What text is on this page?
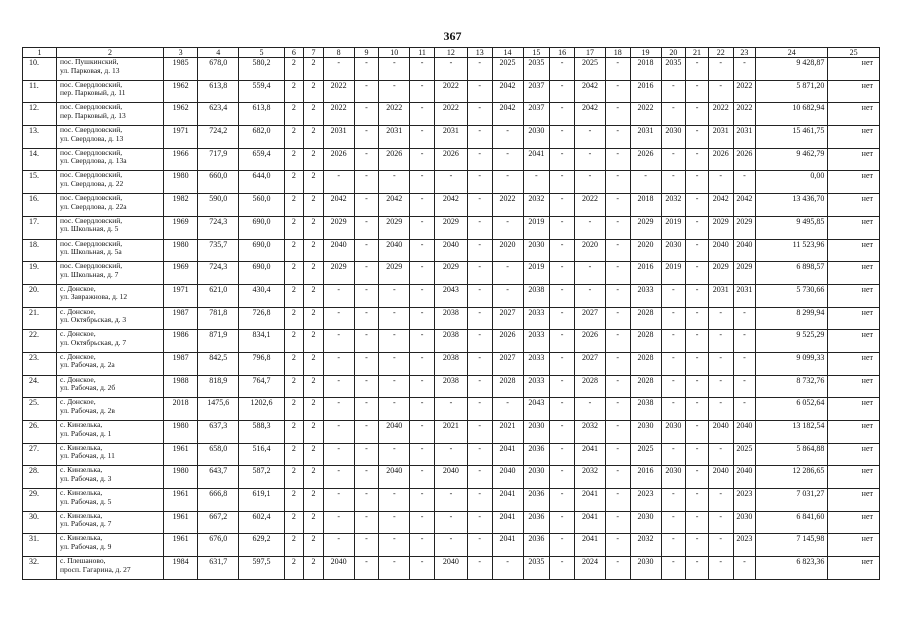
367
1	2	3	4	5	6	7	8	9	10	11	12	13	14	15	16	17	18	19	20	21	22	23	24	25
10.	пос. Пушкинский,
ул. Парковая, д. 13	1985	678,0	580,2	2	2	-	-	-	-	-	-	2025	2035	-	2025	-	2018	2035	-	-	-	9 428,87	нет
11.	пос. Свердловский,
пер. Парковый, д. 11	1962	613,8	559,4	2	2	2022	-	-	-	2022	-	2042	2037	-	2042	-	2016	-	-	-	2022	5 871,20	нет
12.	пос. Свердловский,
пер. Парковый, д. 13	1962	623,4	613,8	2	2	2022	-	2022	-	2022	-	2042	2037	-	2042	-	2022	-	-	2022	2022	10 682,94	нет
13.	пос. Свердловский,
ул. Свердлова, д. 13	1971	724,2	682,0	2	2	2031	-	2031	-	2031	-	-	2030	-	-	-	2031	2030	-	2031	2031	15 461,75	нет
14.	пос. Свердловский,
ул. Свердлова, д. 13а	1966	717,9	659,4	2	2	2026	-	2026	-	2026	-	-	2041	-	-	-	2026	-	-	2026	2026	9 462,79	нет
15.	пос. Свердловский,
ул. Свердлова, д. 22	1980	660,0	644,0	2	2	-	-	-	-	-	-	-	-	-	-	-	-	-	-	-	-	0,00	нет
16.	пос. Свердловский,
ул. Свердлова, д. 22а	1982	590,0	560,0	2	2	2042	-	2042	-	2042	-	2022	2032	-	2022	-	2018	2032	-	2042	2042	13 436,70	нет
17.	пос. Свердловский,
ул. Школьная, д. 5	1969	724,3	690,0	2	2	2029	-	2029	-	2029	-	-	2019	-	-	-	2029	2019	-	2029	2029	9 495,85	нет
18.	пос. Свердловский,
ул. Школьная, д. 5а	1980	735,7	690,0	2	2	2040	-	2040	-	2040	-	2020	2030	-	2020	-	2020	2030	-	2040	2040	11 523,96	нет
19.	пос. Свердловский,
ул. Школьная, д. 7	1969	724,3	690,0	2	2	2029	-	2029	-	2029	-	-	2019	-	-	-	2016	2019	-	2029	2029	6 898,57	нет
20.	с. Донское,
ул. Завражнова, д. 12	1971	621,0	430,4	2	2	-	-	-	-	2043	-	-	2038	-	-	-	2033	-	-	2031	2031	5 730,66	нет
21.	с. Донское,
ул. Октябрьская, д. 3	1987	781,8	726,8	2	2	-	-	-	-	2038	-	2027	2033	-	2027	-	2028	-	-	-	-	8 299,94	нет
22.	с. Донское,
ул. Октябрьская, д. 7	1986	871,9	834,1	2	2	-	-	-	-	2038	-	2026	2033	-	2026	-	2028	-	-	-	-	9 525,29	нет
23.	с. Донское,
ул. Рабочая, д. 2а	1987	842,5	796,8	2	2	-	-	-	-	2038	-	2027	2033	-	2027	-	2028	-	-	-	-	9 099,33	нет
24.	с. Донское,
ул. Рабочая, д. 2б	1988	818,9	764,7	2	2	-	-	-	-	2038	-	2028	2033	-	2028	-	2028	-	-	-	-	8 732,76	нет
25.	с. Донское,
ул. Рабочая, д. 2в	2018	1475,6	1202,6	2	2	-	-	-	-	-	-	-	2043	-	-	-	2038	-	-	-	-	6 052,64	нет
26.	с. Кинзелька,
ул. Рабочая, д. 1	1980	637,3	588,3	2	2	-	-	2040	-	2021	-	2021	2030	-	2032	-	2030	2030	-	2040	2040	13 182,54	нет
27.	с. Кинзелька,
ул. Рабочая, д. 11	1961	658,0	516,4	2	2	-	-	-	-	-	-	2041	2036	-	2041	-	2025	-	-	-	2025	5 864,88	нет
28.	с. Кинзелька,
ул. Рабочая, д. 3	1980	643,7	587,2	2	2	-	-	2040	-	2040	-	2040	2030	-	2032	-	2016	2030	-	2040	2040	12 286,65	нет
29.	с. Кинзелька,
ул. Рабочая, д. 5	1961	666,8	619,1	2	2	-	-	-	-	-	-	2041	2036	-	2041	-	2023	-	-	-	2023	7 031,27	нет
30.	с. Кинзелька,
ул. Рабочая, д. 7	1961	667,2	602,4	2	2	-	-	-	-	-	-	2041	2036	-	2041	-	2030	-	-	-	2030	6 841,60	нет
31.	с. Кинзелька,
ул. Рабочая, д. 9	1961	676,0	629,2	2	2	-	-	-	-	-	-	2041	2036	-	2041	-	2032	-	-	-	2023	7 145,98	нет
32.	с. Плешаново,
просп. Гагарина, д. 27	1984	631,7	597,5	2	2	2040	-	-	-	2040	-	-	2035	-	2024	-	2030	-	-	-	-	6 823,36	нет
